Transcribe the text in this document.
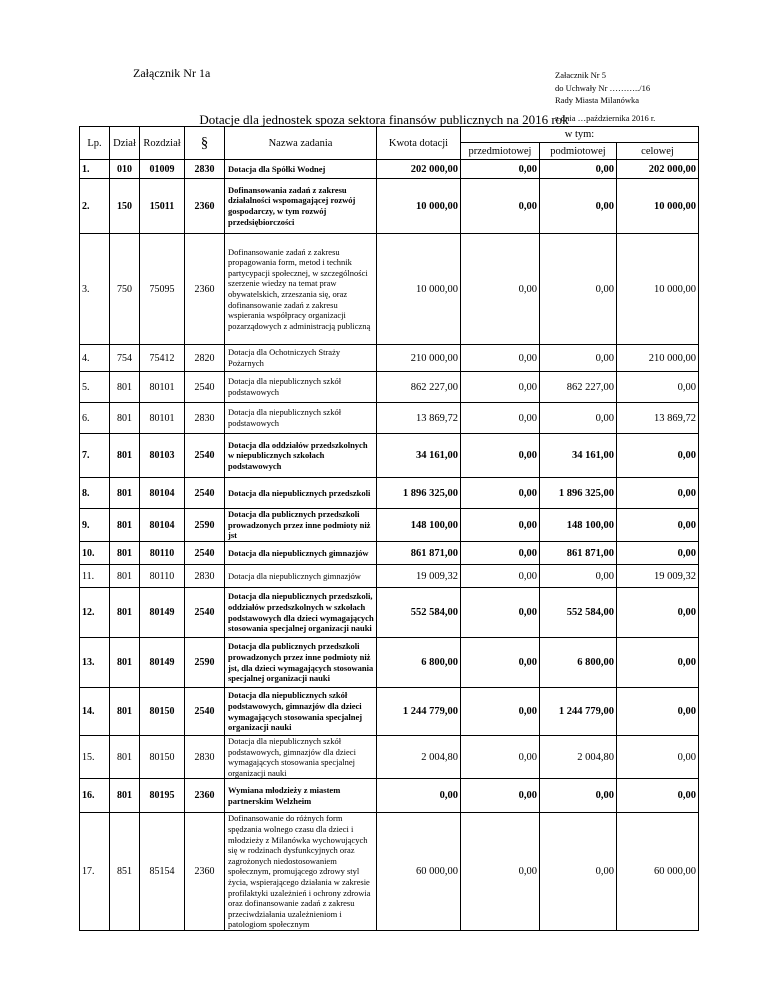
Załącznik Nr 1a	Załacznik Nr 5
do Uchwały Nr ………../16
Rady Miasta Milanówka
z dnia …października 2016 r.
Dotacje dla jednostek spoza sektora finansów publicznych na 2016 rok
Lp.	Dział	Rozdział	§	Nazwa zadania	Kwota dotacji	w tym:		
						przedmiotowej	podmiotowej	celowej
1.	010	01009	2830	Dotacja dla Spółki Wodnej	202 000,00	0,00	0,00	202 000,00
2.	150	15011	2360	Dofinansowania zadań z zakresu działalności wspomagającej rozwój gospodarczy, w tym rozwój przedsiębiorczości	10 000,00	0,00	0,00	10 000,00
3.	750	75095	2360	Dofinansowanie zadań z zakresu propagowania form, metod i technik partycypacji społecznej, w szczególności szerzenie wiedzy na temat praw obywatelskich, zrzeszania się, oraz dofinansowanie zadań z zakresu wspierania współpracy organizacji pozarządowych z administracją publiczną	10 000,00	0,00	0,00	10 000,00
4.	754	75412	2820	Dotacja dla Ochotniczych Straży Pożarnych	210 000,00	0,00	0,00	210 000,00
5.	801	80101	2540	Dotacja dla niepublicznych szkół podstawowych	862 227,00	0,00	862 227,00	0,00
6.	801	80101	2830	Dotacja dla niepublicznych szkół podstawowych	13 869,72	0,00	0,00	13 869,72
7.	801	80103	2540	Dotacja dla oddziałów przedszkolnych w niepublicznych szkołach podstawowych	34 161,00	0,00	34 161,00	0,00
8.	801	80104	2540	Dotacja dla niepublicznych przedszkoli	1 896 325,00	0,00	1 896 325,00	0,00
9.	801	80104	2590	Dotacja dla publicznych przedszkoli prowadzonych przez inne podmioty niż jst	148 100,00	0,00	148 100,00	0,00
10.	801	80110	2540	Dotacja dla niepublicznych gimnazjów	861 871,00	0,00	861 871,00	0,00
11.	801	80110	2830	Dotacja dla niepublicznych gimnazjów	19 009,32	0,00	0,00	19 009,32
12.	801	80149	2540	Dotacja dla niepublicznych przedszkoli, oddziałów przedszkolnych w szkołach podstawowych dla dzieci wymagających stosowania specjalnej organizacji nauki	552 584,00	0,00	552 584,00	0,00
13.	801	80149	2590	Dotacja dla publicznych przedszkoli prowadzonych przez inne podmioty niż jst, dla dzieci wymagających stosowania specjalnej organizacji nauki	6 800,00	0,00	6 800,00	0,00
14.	801	80150	2540	Dotacja dla niepublicznych szkół podstawowych, gimnazjów dla dzieci wymagających stosowania specjalnej organizacji nauki	1 244 779,00	0,00	1 244 779,00	0,00
15.	801	80150	2830	Dotacja dla niepublicznych szkół podstawowych, gimnazjów dla dzieci wymagających stosowania specjalnej organizacji nauki	2 004,80	0,00	2 004,80	0,00
16.	801	80195	2360	Wymiana młodzieży z miastem partnerskim Welzheim	0,00	0,00	0,00	0,00
17.	851	85154	2360	Dofinansowanie do różnych form spędzania wolnego czasu dla dzieci i młodzieży z Milanówka wychowujących się w rodzinach dysfunkcyjnych oraz zagrożonych niedostosowaniem społecznym, promującego zdrowy styl życia, wspierającego działania w zakresie profilaktyki uzależnień i ochrony zdrowia oraz dofinansowanie zadań z zakresu przeciwdziałania uzależnieniom i patologiom społecznym	60 000,00	0,00	0,00	60 000,00
